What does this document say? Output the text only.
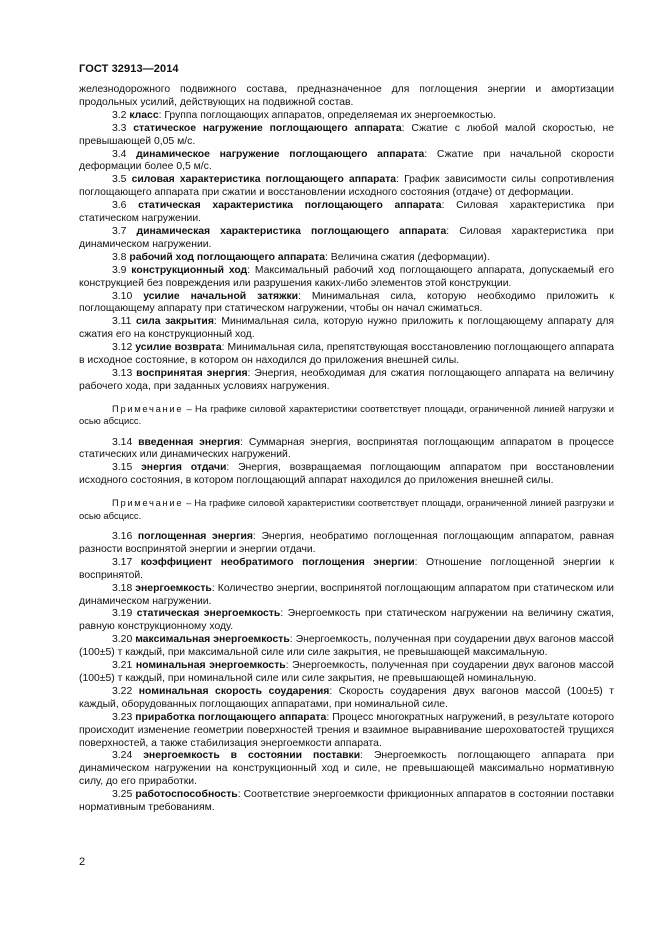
ГОСТ 32913—2014

железнодорожного подвижного состава, предназначенное для поглощения энергии и амортизации продольных усилий, действующих на подвижной состав.

3.2 класс: Группа поглощающих аппаратов, определяемая их энергоемкостью.

3.3 статическое нагружение поглощающего аппарата: Сжатие с любой малой скоростью, не превышающей 0,05 м/с.

3.4 динамическое нагружение поглощающего аппарата: Сжатие при начальной скорости деформации более 0,5 м/с.

3.5 силовая характеристика поглощающего аппарата: График зависимости силы сопротивления поглощающего аппарата при сжатии и восстановлении исходного состояния (отдаче) от деформации.

3.6 статическая характеристика поглощающего аппарата: Силовая характеристика при статическом нагружении.

3.7 динамическая характеристика поглощающего аппарата: Силовая характеристика при динамическом нагружении.

3.8 рабочий ход поглощающего аппарата: Величина сжатия (деформации).

3.9 конструкционный ход: Максимальный рабочий ход поглощающего аппарата, допускаемый его конструкцией без повреждения или разрушения каких-либо элементов этой конструкции.

3.10 усилие начальной затяжки: Минимальная сила, которую необходимо приложить к поглощающему аппарату при статическом нагружении, чтобы он начал сжиматься.

3.11 сила закрытия: Минимальная сила, которую нужно приложить к поглощающему аппарату для сжатия его на конструкционный ход.

3.12 усилие возврата: Минимальная сила, препятствующая восстановлению поглощающего аппарата в исходное состояние, в котором он находился до приложения внешней силы.

3.13 воспринятая энергия: Энергия, необходимая для сжатия поглощающего аппарата на величину рабочего хода, при заданных условиях нагружения.

Примечание – На графике силовой характеристики соответствует площади, ограниченной линией нагрузки и осью абсцисс.

3.14 введенная энергия: Суммарная энергия, воспринятая поглощающим аппаратом в процессе статических или динамических нагружений.

3.15 энергия отдачи: Энергия, возвращаемая поглощающим аппаратом при восстановлении исходного состояния, в котором поглощающий аппарат находился до приложения внешней силы.

Примечание – На графике силовой характеристики соответствует площади, ограниченной линией разгрузки и осью абсцисс.

3.16 поглощенная энергия: Энергия, необратимо поглощенная поглощающим аппаратом, равная разности воспринятой энергии и энергии отдачи.

3.17 коэффициент необратимого поглощения энергии: Отношение поглощенной энергии к воспринятой.

3.18 энергоемкость: Количество энергии, воспринятой поглощающим аппаратом при статическом или динамическом нагружении.

3.19 статическая энергоемкость: Энергоемкость при статическом нагружении на величину сжатия, равную конструкционному ходу.

3.20 максимальная энергоемкость: Энергоемкость, полученная при соударении двух вагонов массой (100±5) т каждый, при максимальной силе или силе закрытия, не превышающей максимальную.

3.21 номинальная энергоемкость: Энергоемкость, полученная при соударении двух вагонов массой (100±5) т каждый, при номинальной силе или силе закрытия, не превышающей номинальную.

3.22 номинальная скорость соударения: Скорость соударения двух вагонов массой (100±5) т каждый, оборудованных поглощающих аппаратами, при номинальной силе.

3.23 приработка поглощающего аппарата: Процесс многократных нагружений, в результате которого происходит изменение геометрии поверхностей трения и взаимное выравнивание шероховатостей трущихся поверхностей, а также стабилизация энергоемкости аппарата.

3.24 энергоемкость в состоянии поставки: Энергоемкость поглощающего аппарата при динамическом нагружении на конструкционный ход и силе, не превышающей максимально нормативную силу, до его приработки.

3.25 работоспособность: Соответствие энергоемкости фрикционных аппаратов в состоянии поставки нормативным требованиям.

2
